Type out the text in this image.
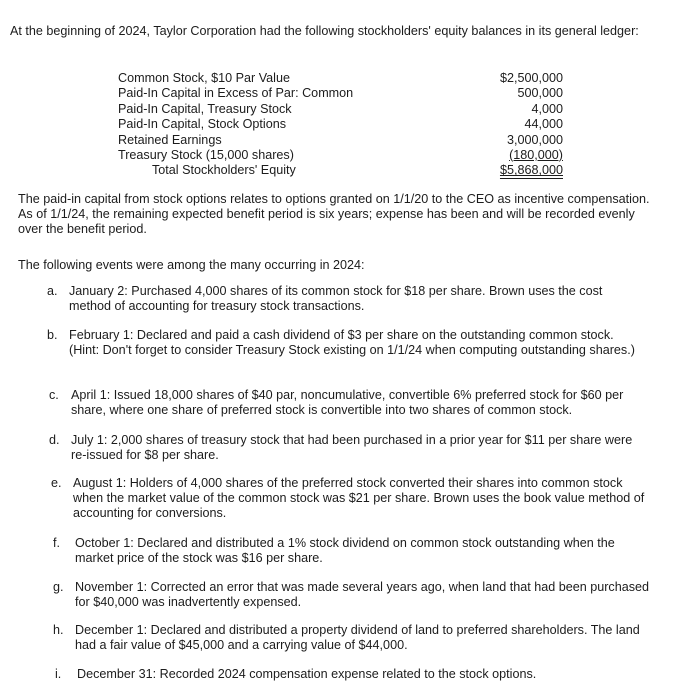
At the beginning of 2024, Taylor Corporation had the following stockholders' equity balances in its general ledger:
Common Stock, $10 Par Value	$2,500,000
Paid-In Capital in Excess of Par: Common	500,000
Paid-In Capital, Treasury Stock	4,000
Paid-In Capital, Stock Options	44,000
Retained Earnings	3,000,000
Treasury Stock (15,000 shares)	(180,000)
Total Stockholders' Equity	$5,868,000
The paid-in capital from stock options relates to options granted on 1/1/20 to the CEO as incentive compensation. As of 1/1/24, the remaining expected benefit period is six years; expense has been and will be recorded evenly over the benefit period.
The following events were among the many occurring in 2024:
a. January 2: Purchased 4,000 shares of its common stock for $18 per share. Brown uses the cost method of accounting for treasury stock transactions.
b. February 1: Declared and paid a cash dividend of $3 per share on the outstanding common stock. (Hint: Don't forget to consider Treasury Stock existing on 1/1/24 when computing outstanding shares.)
c. April 1: Issued 18,000 shares of $40 par, noncumulative, convertible 6% preferred stock for $60 per share, where one share of preferred stock is convertible into two shares of common stock.
d. July 1: 2,000 shares of treasury stock that had been purchased in a prior year for $11 per share were re-issued for $8 per share.
e. August 1: Holders of 4,000 shares of the preferred stock converted their shares into common stock when the market value of the common stock was $21 per share. Brown uses the book value method of accounting for conversions.
f.	October 1: Declared and distributed a 1% stock dividend on common stock outstanding when the market price of the stock was $16 per share.
g. November 1: Corrected an error that was made several years ago, when land that had been purchased for $40,000 was inadvertently expensed.
h. December 1: Declared and distributed a property dividend of land to preferred shareholders. The land had a fair value of $45,000 and a carrying value of $44,000.
i.	December 31: Recorded 2024 compensation expense related to the stock options.
